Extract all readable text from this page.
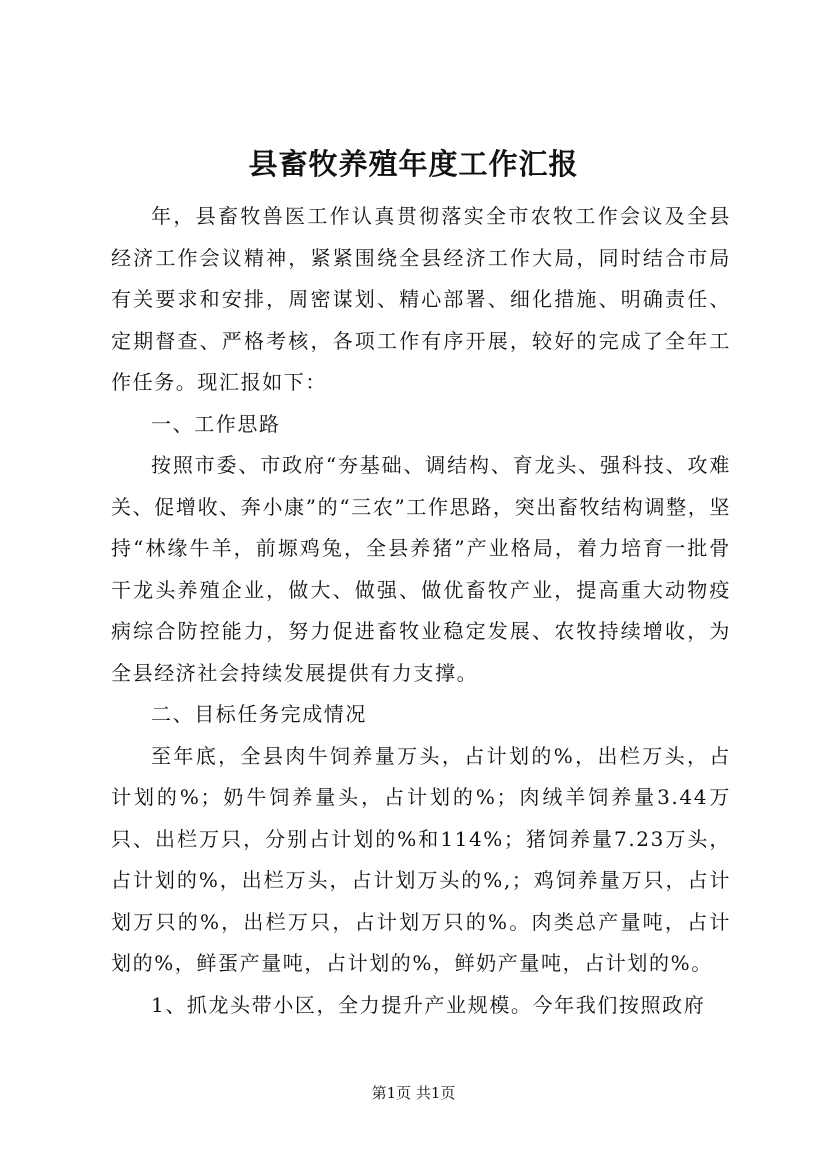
县畜牧养殖年度工作汇报

年，县畜牧兽医工作认真贯彻落实全市农牧工作会议及全县经济工作会议精神，紧紧围绕全县经济工作大局，同时结合市局有关要求和安排，周密谋划、精心部署、细化措施、明确责任、定期督查、严格考核，各项工作有序开展，较好的完成了全年工作任务。现汇报如下：

一、工作思路

按照市委、市政府“夯基础、调结构、育龙头、强科技、攻难关、促增收、奔小康”的“三农”工作思路，突出畜牧结构调整，坚持“林缘牛羊，前塬鸡兔，全县养猪”产业格局，着力培育一批骨干龙头养殖企业，做大、做强、做优畜牧产业，提高重大动物疫病综合防控能力，努力促进畜牧业稳定发展、农牧持续增收，为全县经济社会持续发展提供有力支撑。

二、目标任务完成情况

至年底，全县肉牛饲养量万头，占计划的%，出栏万头，占计划的%；奶牛饲养量头，占计划的%；肉绒羊饲养量3.44万只、出栏万只，分别占计划的%和114%；猪饲养量7.23万头，占计划的%，出栏万头，占计划万头的%,；鸡饲养量万只，占计划万只的%，出栏万只，占计划万只的%。肉类总产量吨，占计划的%，鲜蛋产量吨，占计划的%，鲜奶产量吨，占计划的%。

1、抓龙头带小区，全力提升产业规模。今年我们按照政府

第1页 共1页
